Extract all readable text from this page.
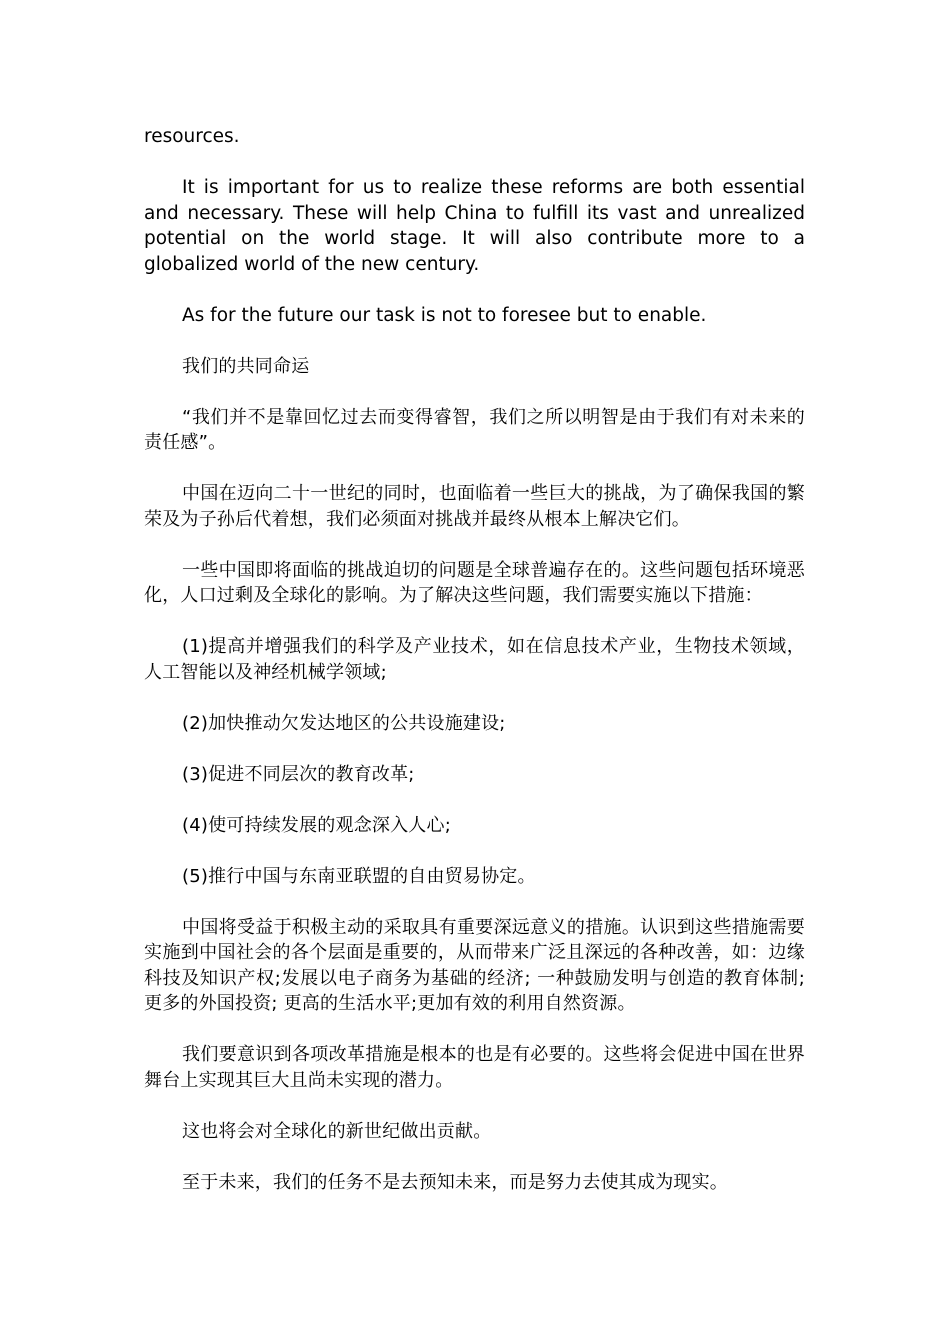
resources.

It is important for us to realize these reforms are both essential and necessary. These will help China to fulfill its vast and unrealized potential on the world stage. It will also contribute more to a globalized world of the new century.

As for the future our task is not to foresee but to enable.

我们的共同命运

“我们并不是靠回忆过去而变得睿智，我们之所以明智是由于我们有对未来的责任感”。

中国在迈向二十一世纪的同时，也面临着一些巨大的挑战，为了确保我国的繁荣及为子孙后代着想，我们必须面对挑战并最终从根本上解决它们。

一些中国即将面临的挑战迫切的问题是全球普遍存在的。这些问题包括环境恶化，人口过剩及全球化的影响。为了解决这些问题，我们需要实施以下措施：

(1)提高并增强我们的科学及产业技术，如在信息技术产业，生物技术领域，人工智能以及神经机械学领域;

(2)加快推动欠发达地区的公共设施建设;

(3)促进不同层次的教育改革;

(4)使可持续发展的观念深入人心;

(5)推行中国与东南亚联盟的自由贸易协定。

中国将受益于积极主动的采取具有重要深远意义的措施。认识到这些措施需要实施到中国社会的各个层面是重要的，从而带来广泛且深远的各种改善，如：边缘科技及知识产权;发展以电子商务为基础的经济; 一种鼓励发明与创造的教育体制;更多的外国投资; 更高的生活水平;更加有效的利用自然资源。

我们要意识到各项改革措施是根本的也是有必要的。这些将会促进中国在世界舞台上实现其巨大且尚未实现的潜力。

这也将会对全球化的新世纪做出贡献。

至于未来，我们的任务不是去预知未来，而是努力去使其成为现实。
